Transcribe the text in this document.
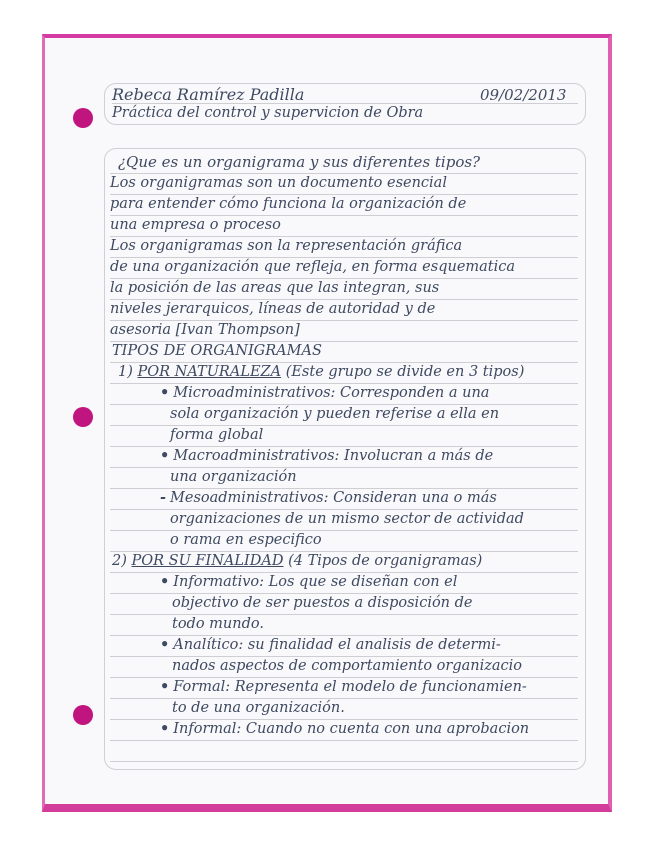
Rebeca Ramírez Padilla	09/02/2013
Práctica del control y supervicion de Obra
¿Que es un organigrama y sus diferentes tipos?
Los organigramas son un documento esencial
para entender cómo funciona la organización de
una empresa o proceso
Los organigramas son la representación gráfica
de una organización que refleja, en forma esquematica
la posición de las areas que las integran, sus
niveles jerarquicos, líneas de autoridad y de
asesoria [Ivan Thompson]
TIPOS DE ORGANIGRAMAS
1) POR NATURALEZA (Este grupo se divide en 3 tipos)
• Microadministrativos: Corresponden a una
sola organización y pueden referise a ella en
forma global
• Macroadministrativos: Involucran a más de
una organización
- Mesoadministrativos: Consideran una o más
organizaciones de un mismo sector de actividad
o rama en especifico
2) POR SU FINALIDAD (4 Tipos de organigramas)
• Informativo: Los que se diseñan con el
objectivo de ser puestos a disposición de
todo mundo.
• Analítico: su finalidad el analisis de determi-
nados aspectos de comportamiento organizacio
• Formal: Representa el modelo de funcionamien-
to de una organización.
• Informal: Cuando no cuenta con una aprobacion
